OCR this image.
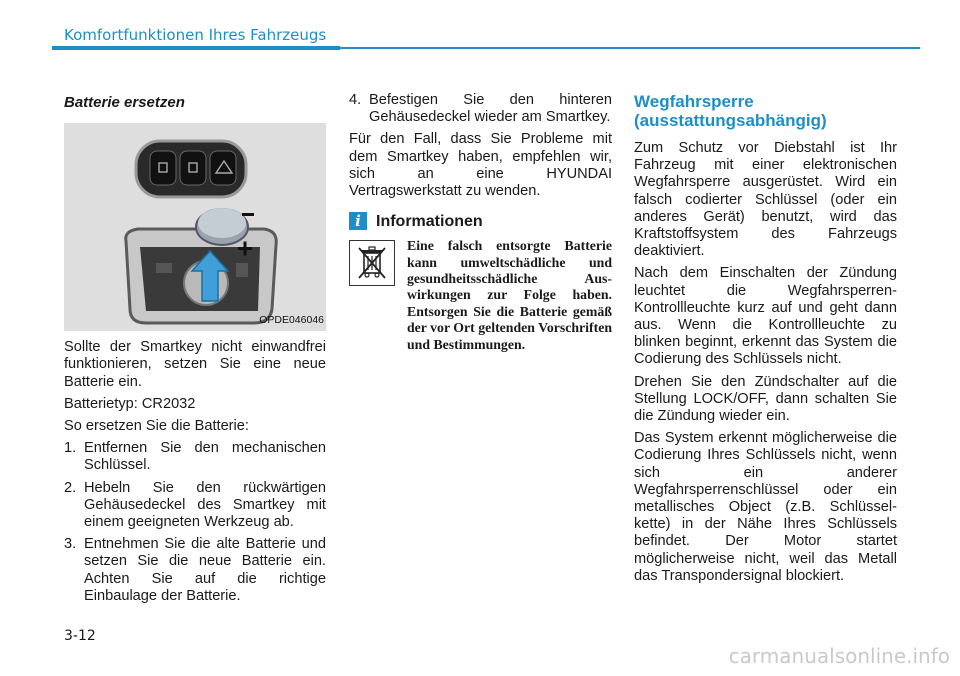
Komfortfunktionen Ihres Fahrzeugs
Batterie ersetzen
OPDE046046

Sollte der Smartkey nicht einwandfrei funktionieren, setzen Sie eine neue Batterie ein.

Batterietyp: CR2032

So ersetzen Sie die Batterie:

1. Entfernen Sie den mechanischen Schlüssel.
2. Hebeln Sie den rückwärtigen Gehäusedeckel des Smartkey mit einem geeigneten Werkzeug ab.
3. Entnehmen Sie die alte Batterie und setzen Sie die neue Batterie ein. Achten Sie auf die richtige Einbaulage der Batterie.
4. Befestigen Sie den hinteren Gehäusedeckel wieder am Smartkey.

Für den Fall, dass Sie Probleme mit dem Smartkey haben, empfehlen wir, sich an eine HYUNDAI Vertragswerkstatt zu wenden.

i Informationen
Eine falsch entsorgte Batterie kann umweltschädliche und gesundheitsschädliche Aus-wirkungen zur Folge haben. Entsorgen Sie die Batterie gemäß der vor Ort geltenden Vorschriften und Bestimmungen.
Wegfahrsperre (ausstattungsabhängig)

Zum Schutz vor Diebstahl ist Ihr Fahrzeug mit einer elektronischen Wegfahrsperre ausgerüstet. Wird ein falsch codierter Schlüssel (oder ein anderes Gerät) benutzt, wird das Kraftstoffsystem des Fahrzeugs deaktiviert.

Nach dem Einschalten der Zündung leuchtet die Wegfahrsperren-Kontrollleuchte kurz auf und geht dann aus. Wenn die Kontrollleuchte zu blinken beginnt, erkennt das System die Codierung des Schlüssels nicht.

Drehen Sie den Zündschalter auf die Stellung LOCK/OFF, dann schalten Sie die Zündung wieder ein.

Das System erkennt möglicherweise die Codierung Ihres Schlüssels nicht, wenn sich ein anderer Wegfahrsperrenschlüssel oder ein metallisches Object (z.B. Schlüssel-kette) in der Nähe Ihres Schlüssels befindet. Der Motor startet möglicherweise nicht, weil das Metall das Transpondersignal blockiert.

3-12
carmanualsonline.info
